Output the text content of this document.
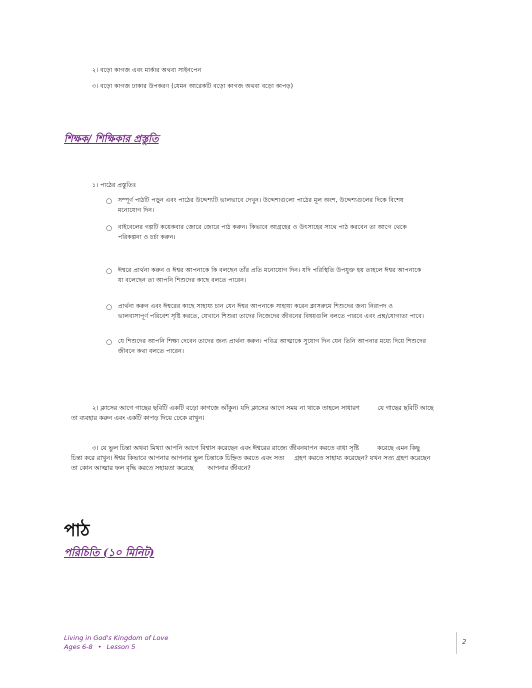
২। বড়ো কাগজ এবং মার্কার অথবা সাইনপেন
৩। বড়ো কাগজ ঢাকার উপকরণ (যেমন আরেকটি বড়ো কাগজ অথবা বড়ো কাপড়)
শিক্ষক/ শিক্ষিকার প্রস্তুতি
১। পাঠের প্রস্তুতিঃ
○ সম্পূর্ণ পাঠটি পড়ুন এবং পাঠের উদ্দেশ্যটি ভালভাবে দেখুন। উদ্দেশ্যগুলো পাঠের মূল অংশ, উদ্দেশ্যগুলের দিকে বিশেষ
মনোযোগ দিন।
○ বাইবেলের গল্পটি কয়েকবার জোরে জোরে পাঠ করুন। কিভাবে আগ্রহের ও উৎসাহের সাথে পাঠ করবেন তা আগে থেকে
পরিকল্পনা ও চর্চা করুন।
○ ঈশ্বরে প্রার্থনা করুন ও ঈশ্বর আপনাকে কি বলছেন তাঁর প্রতি মনোযোগ দিন। যদি পরিস্থিতি উপযুক্ত হয় তাহলে ঈশ্বর আপনাকে
যা বলেছেন তা আপনি শিশুদের কাছে বলতে পারেন।
○ প্রার্থনা করুন এবং ঈশ্বরের কাছে সাহায্য চান যেন ঈশ্বর আপনাকে সাহায্য করেন ক্লাসরুমে শিশুদের জন্য নিরাপদ ও
ভালবাসাপূর্ণ পরিবেশ সৃষ্টি করতে, যেখানে শিশুরা তাদের নিজেদের জীবনের বিষয়গুলি বলতে পারবে এবং প্রশ্ন/যোগ্যতা পাবে।
○ যে শিশুদের আপনি শিক্ষা দেবেন তাদের জন্য প্রার্থনা করুন। পবিত্র আত্মাকে সুযোগ দিন যেন তিনি আপনার মধ্যে দিয়ে শিশুদের
জীবনে কথা বলতে পারেন।
২। ক্লাসের আগে গাছের ছবিটি একটি বড়ো কাগজে আঁকুন। যদি ক্লাসের আগে সময় না থাকে তাহলে সাধারণ	যে গাছের ছবিটি আছে
তা ব্যবহার করুন এবং একটি কাপড় দিয়ে ঢেকে রাখুন।
৩। যে ভুল চিন্তা অথবা মিথ্যা আপনি আগে বিশ্বাস করেছেন এবং ঈশ্বরের রাজ্যে জীবনযাপন করতে বাধা সৃষ্টি	করেছে এমন কিছু
চিন্তা করে রাখুন। ঈশ্বর কিভাবে আপনার আপনার ভুল চিন্তাকে চিহ্নিত করতে এবং সত্য গ্রহণ করতে সাহায্য করেছেন? যখন সত্য গ্রহণ করেছেন
তা কোন আত্মার ফল বৃদ্ধি করতে সহায়তা করেছে আপনার জীবনে?
পাঠ
পরিচিতি (১০ মিনিট)
Living in God's Kingdom of Love
Ages 6-8 • Lesson 5
2
